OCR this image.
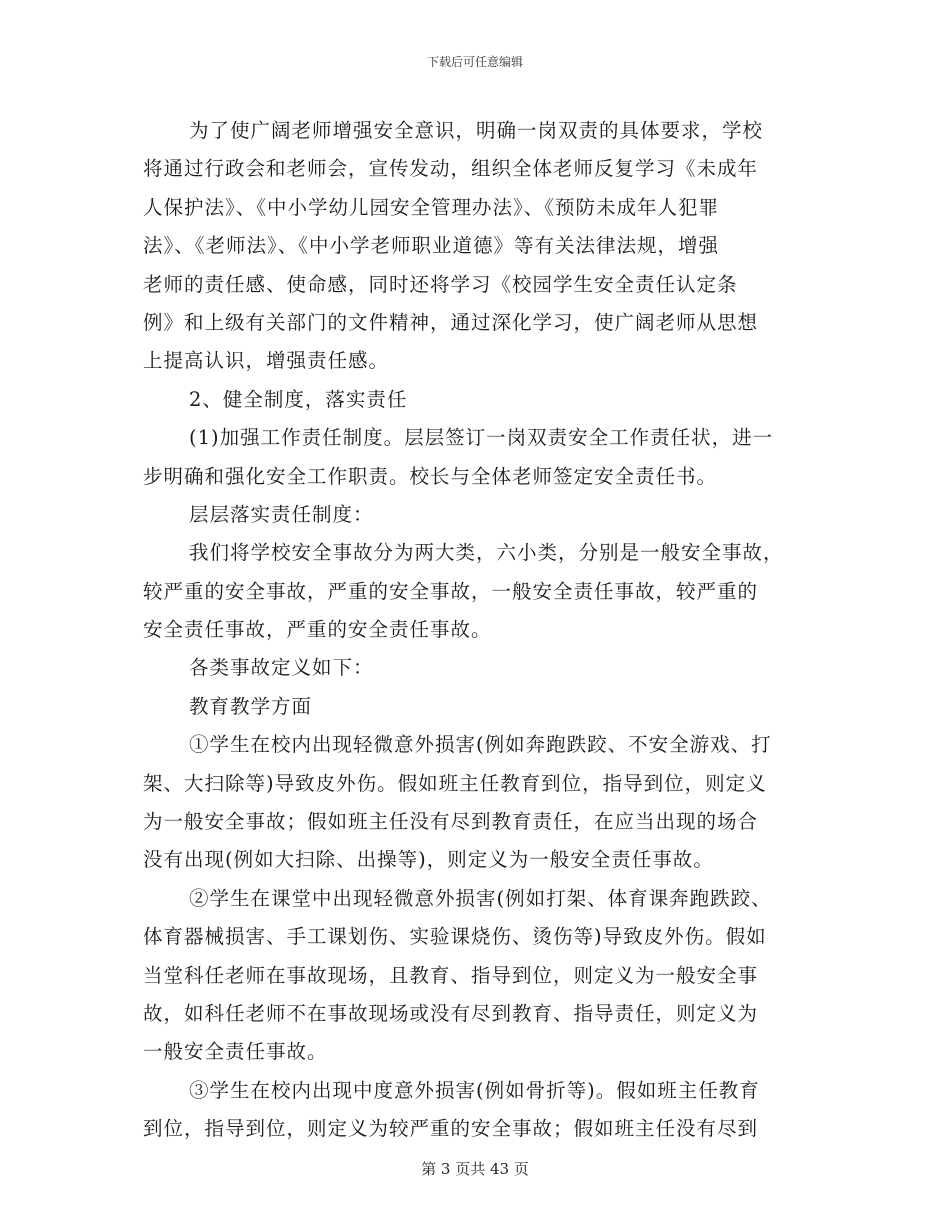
下载后可任意编辑
为了使广阔老师增强安全意识，明确一岗双责的具体要求，学校
将通过行政会和老师会，宣传发动，组织全体老师反复学习《未成年
人保护法》、《中小学幼儿园安全管理办法》、《预防未成年人犯罪
法》、《老师法》、《中小学老师职业道德》等有关法律法规，增强
老师的责任感、使命感，同时还将学习《校园学生安全责任认定条
例》和上级有关部门的文件精神，通过深化学习，使广阔老师从思想
上提高认识，增强责任感。
2、健全制度，落实责任
(1)加强工作责任制度。层层签订一岗双责安全工作责任状，进一
步明确和强化安全工作职责。校长与全体老师签定安全责任书。
层层落实责任制度：
我们将学校安全事故分为两大类，六小类，分别是一般安全事故，
较严重的安全事故，严重的安全事故，一般安全责任事故，较严重的
安全责任事故，严重的安全责任事故。
各类事故定义如下：
教育教学方面
①学生在校内出现轻微意外损害(例如奔跑跌跤、不安全游戏、打
架、大扫除等)导致皮外伤。假如班主任教育到位，指导到位，则定义
为一般安全事故；假如班主任没有尽到教育责任，在应当出现的场合
没有出现(例如大扫除、出操等)，则定义为一般安全责任事故。
②学生在课堂中出现轻微意外损害(例如打架、体育课奔跑跌跤、
体育器械损害、手工课划伤、实验课烧伤、烫伤等)导致皮外伤。假如
当堂科任老师在事故现场，且教育、指导到位，则定义为一般安全事
故，如科任老师不在事故现场或没有尽到教育、指导责任，则定义为
一般安全责任事故。
③学生在校内出现中度意外损害(例如骨折等)。假如班主任教育
到位，指导到位，则定义为较严重的安全事故；假如班主任没有尽到
第 3 页共 43 页
